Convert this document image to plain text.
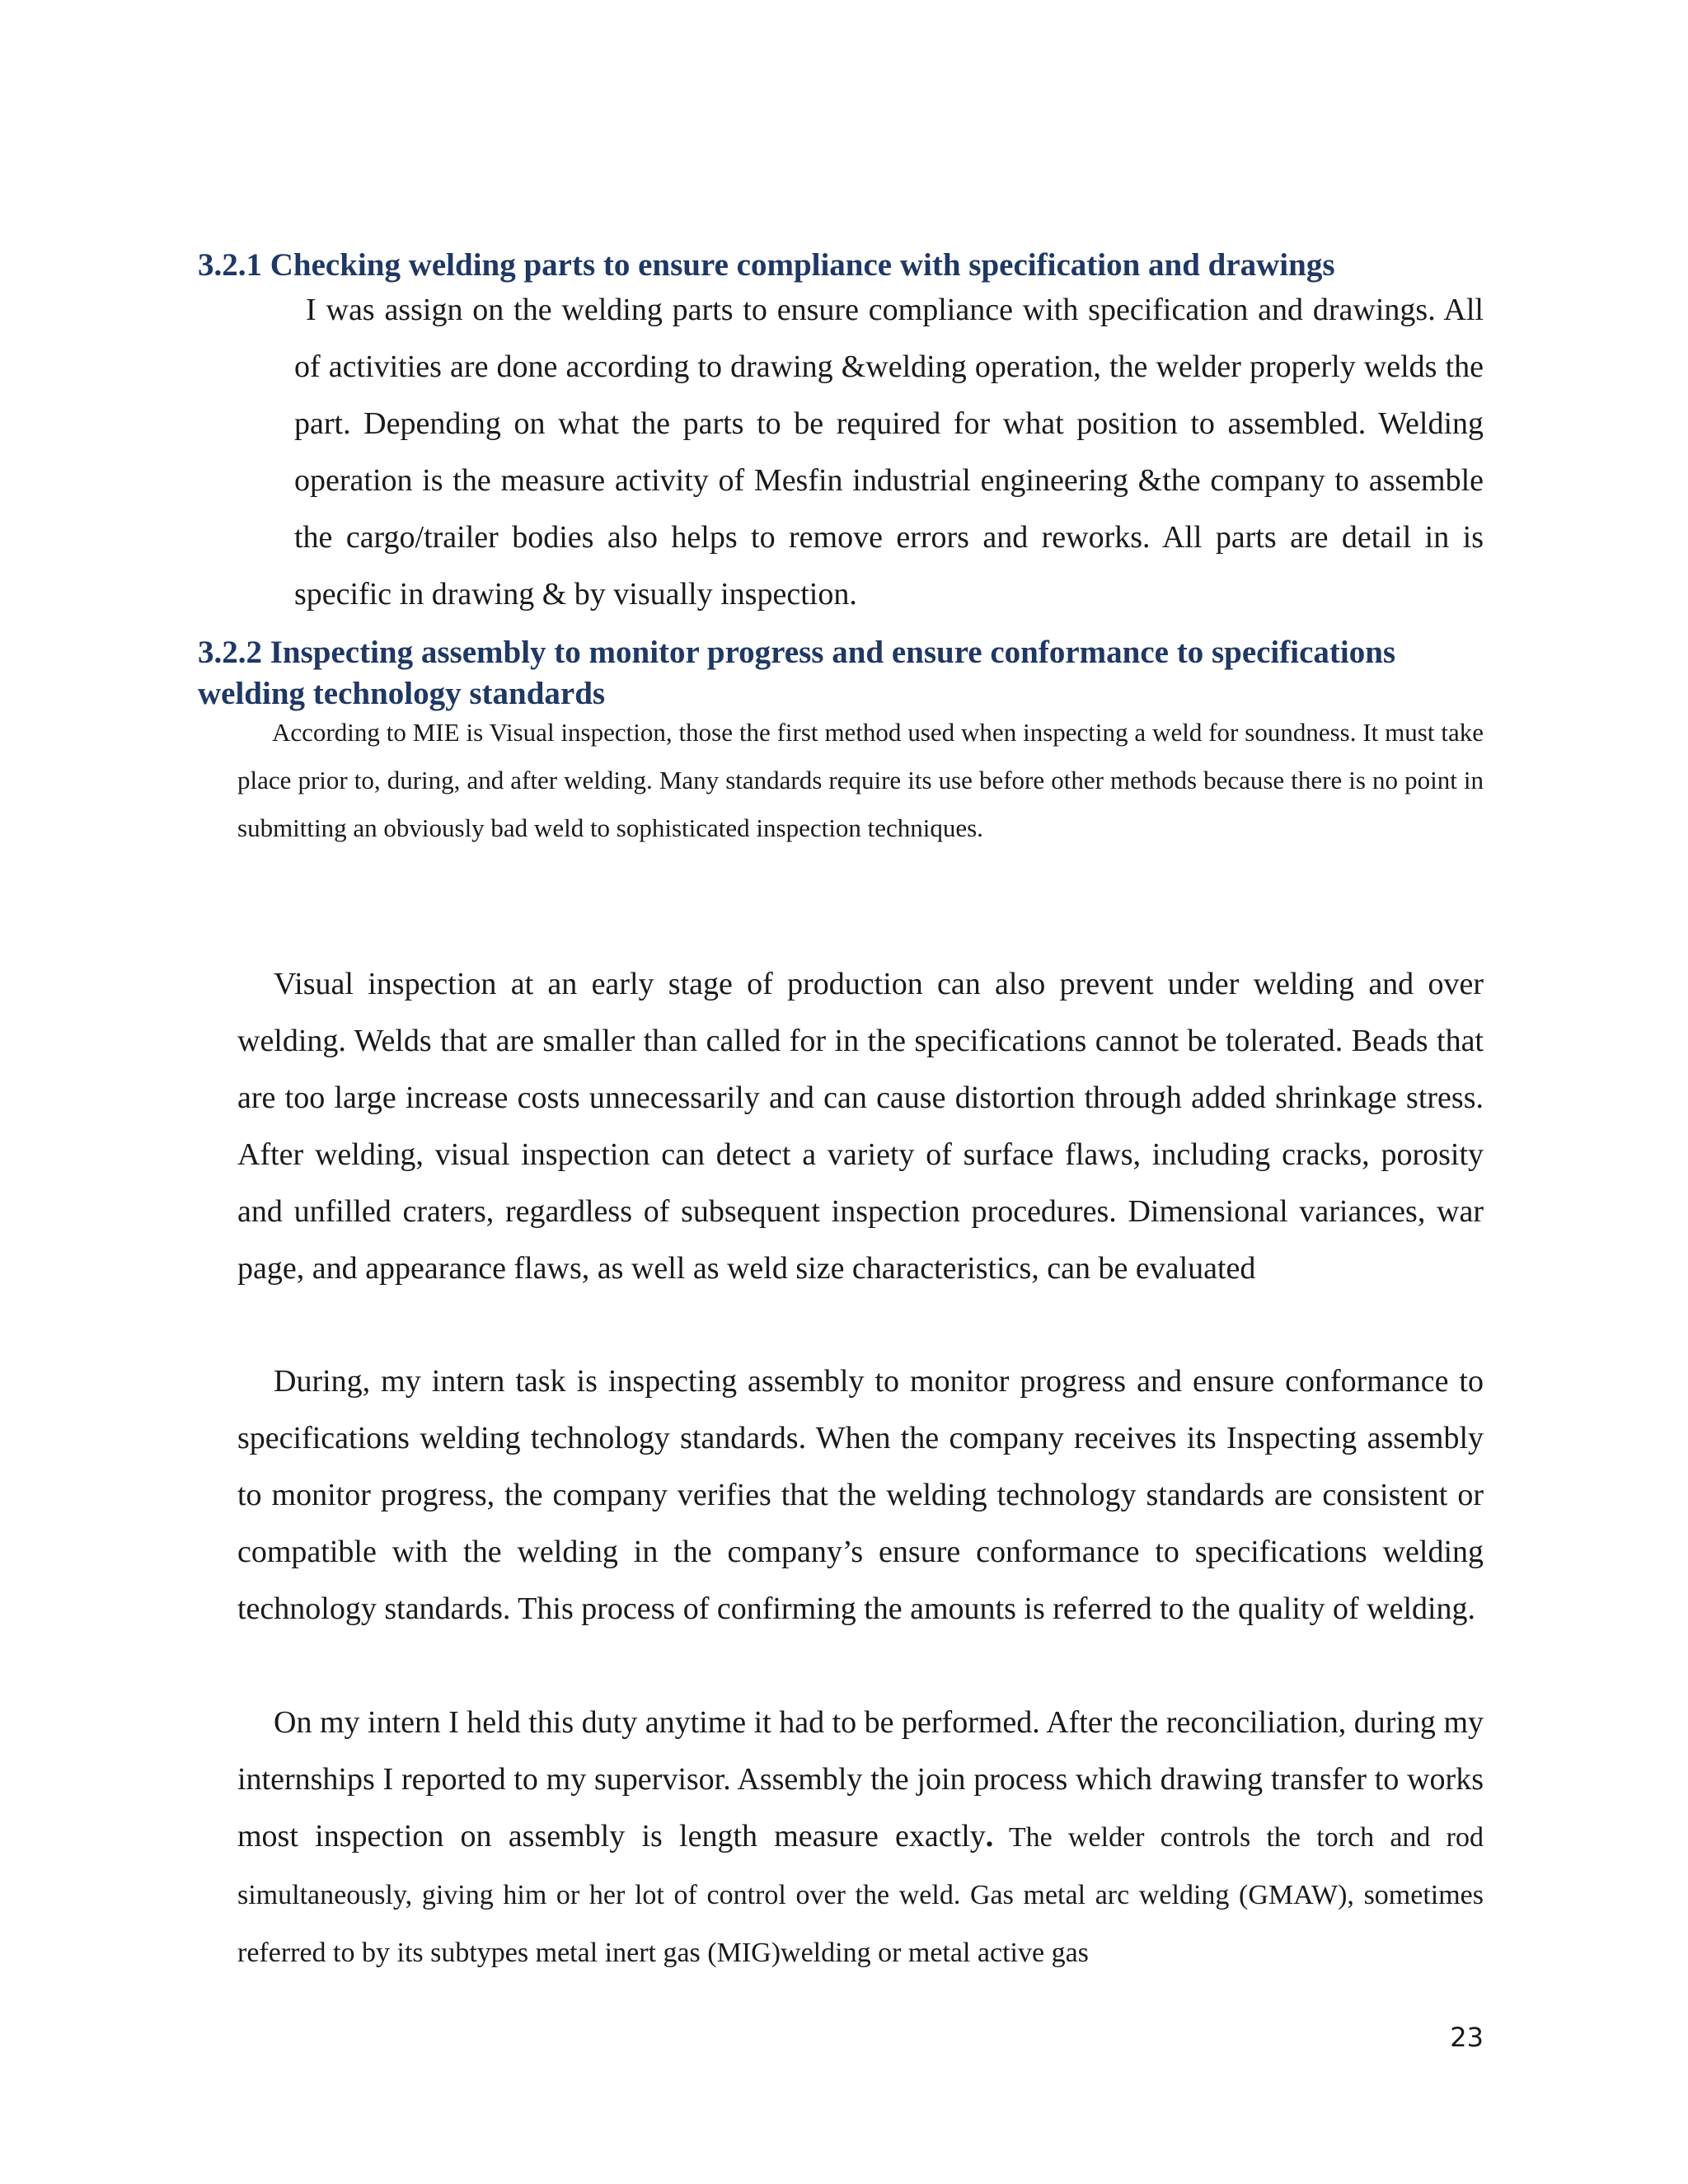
3.2.1 Checking welding parts to ensure compliance with specification and drawings

I was assign on the welding parts to ensure compliance with specification and drawings. All of activities are done according to drawing &welding operation, the welder properly welds the part. Depending on what the parts to be required for what position to assembled. Welding operation is the measure activity of Mesfin industrial engineering &the company to assemble the cargo/trailer bodies also helps to remove errors and reworks. All parts are detail in is specific in drawing & by visually inspection.

3.2.2 Inspecting assembly to monitor progress and ensure conformance to specifications welding technology standards

According to MIE is Visual inspection, those the first method used when inspecting a weld for soundness. It must take place prior to, during, and after welding. Many standards require its use before other methods because there is no point in submitting an obviously bad weld to sophisticated inspection techniques.

Visual inspection at an early stage of production can also prevent under welding and over welding. Welds that are smaller than called for in the specifications cannot be tolerated. Beads that are too large increase costs unnecessarily and can cause distortion through added shrinkage stress. After welding, visual inspection can detect a variety of surface flaws, including cracks, porosity and unfilled craters, regardless of subsequent inspection procedures. Dimensional variances, war page, and appearance flaws, as well as weld size characteristics, can be evaluated

During, my intern task is inspecting assembly to monitor progress and ensure conformance to specifications welding technology standards. When the company receives its Inspecting assembly to monitor progress, the company verifies that the welding technology standards are consistent or compatible with the welding in the company’s ensure conformance to specifications welding technology standards. This process of confirming the amounts is referred to the quality of welding.

On my intern I held this duty anytime it had to be performed. After the reconciliation, during my internships I reported to my supervisor. Assembly the join process which drawing transfer to works most inspection on assembly is length measure exactly. The welder controls the torch and rod simultaneously, giving him or her lot of control over the weld. Gas metal arc welding (GMAW), sometimes referred to by its subtypes metal inert gas (MIG)welding or metal active gas

23
